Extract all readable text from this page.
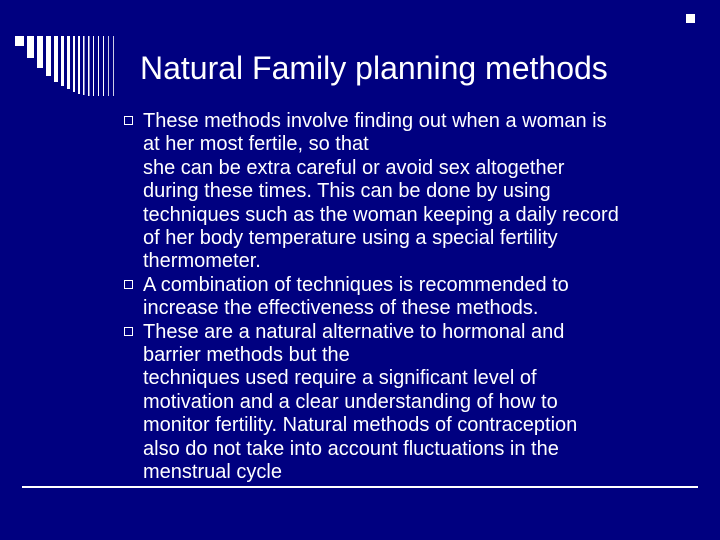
Natural Family planning methods
These methods involve finding out when a woman is
at her most fertile, so that
she can be extra careful or avoid sex altogether
during these times. This can be done by using
techniques such as the woman keeping a daily record
of her body temperature using a special fertility
thermometer.
A combination of techniques is recommended to
increase the effectiveness of these methods.
These are a natural alternative to hormonal and
barrier methods but the
techniques used require a significant level of
motivation and a clear understanding of how to
monitor fertility. Natural methods of contraception
also do not take into account fluctuations in the
menstrual cycle
